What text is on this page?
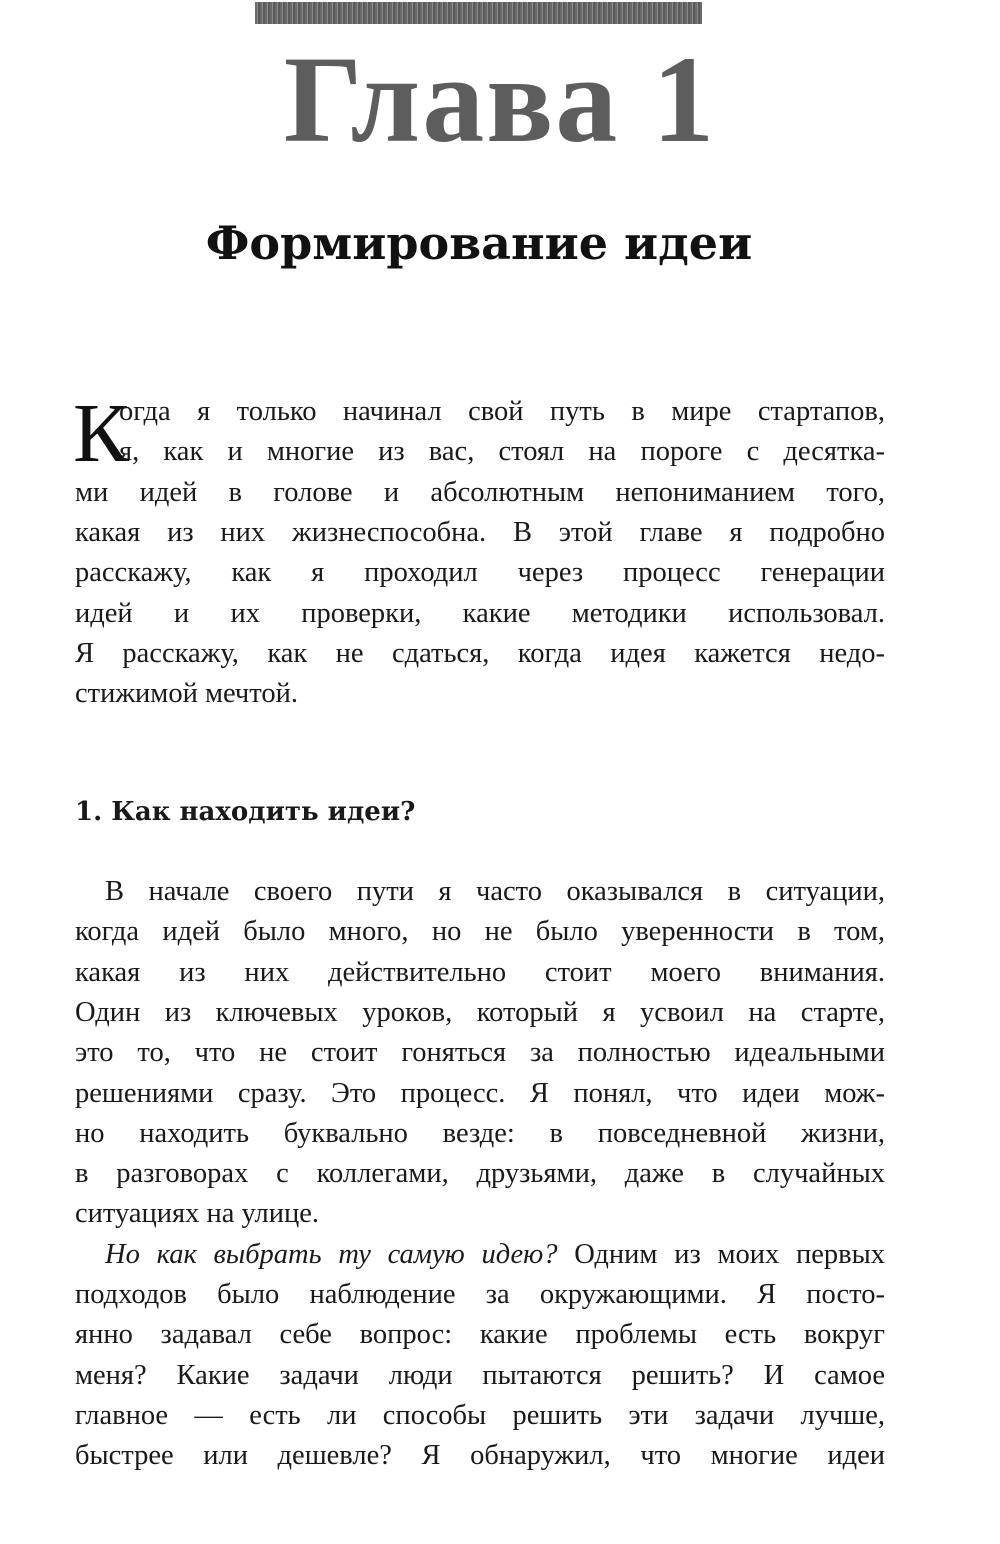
Глава 1
Формирование идеи
К
огда я только начинал свой путь в мире стартапов,
я, как и многие из вас, стоял на пороге с десятка-
ми идей в голове и абсолютным непониманием того,
какая из них жизнеспособна. В этой главе я подробно
расскажу, как я проходил через процесс генерации
идей и их проверки, какие методики использовал.
Я расскажу, как не сдаться, когда идея кажется недо-
стижимой мечтой.
1. Как находить идеи?
В начале своего пути я часто оказывался в ситуации,
когда идей было много, но не было уверенности в том,
какая из них действительно стоит моего внимания.
Один из ключевых уроков, который я усвоил на старте,
это то, что не стоит гоняться за полностью идеальными
решениями сразу. Это процесс. Я понял, что идеи мож-
но находить буквально везде: в повседневной жизни,
в разговорах с коллегами, друзьями, даже в случайных
ситуациях на улице.
Но как выбрать ту самую идею? Одним из моих первых
подходов было наблюдение за окружающими. Я посто-
янно задавал себе вопрос: какие проблемы есть вокруг
меня? Какие задачи люди пытаются решить? И самое
главное — есть ли способы решить эти задачи лучше,
быстрее или дешевле? Я обнаружил, что многие идеи
